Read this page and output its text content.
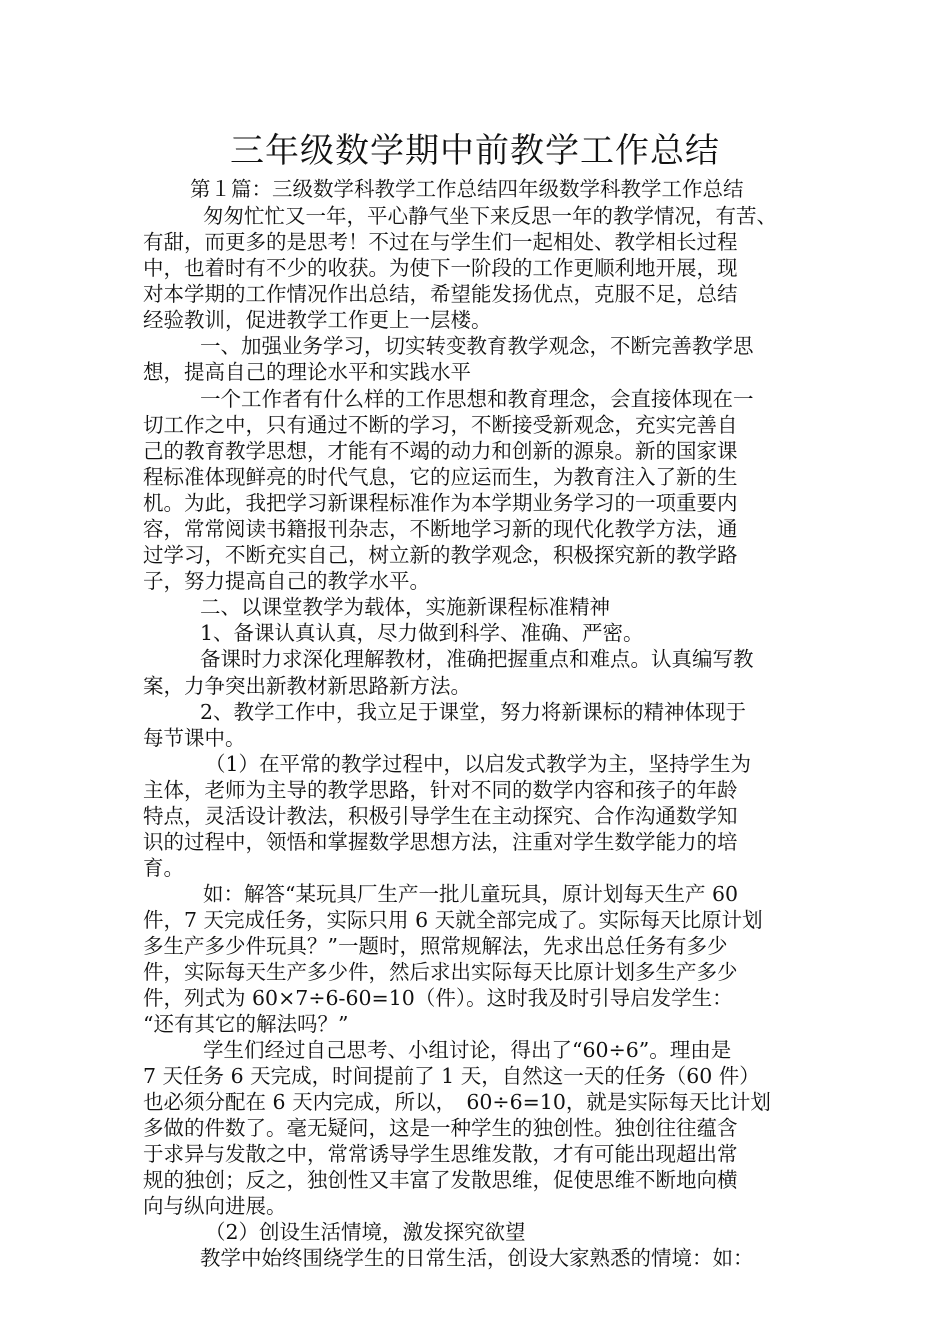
三年级数学期中前教学工作总结
第１篇：三级数学科教学工作总结四年级数学科教学工作总结
匆匆忙忙又一年，平心静气坐下来反思一年的教学情况，有苦、
有甜，而更多的是思考！不过在与学生们一起相处、教学相长过程
中，也着时有不少的收获。为使下一阶段的工作更顺利地开展，现
对本学期的工作情况作出总结，希望能发扬优点，克服不足，总结
经验教训，促进教学工作更上一层楼。
一、加强业务学习，切实转变教育教学观念，不断完善教学思
想，提高自己的理论水平和实践水平
一个工作者有什么样的工作思想和教育理念，会直接体现在一
切工作之中，只有通过不断的学习，不断接受新观念，充实完善自
己的教育教学思想，才能有不竭的动力和创新的源泉。新的国家课
程标准体现鲜亮的时代气息，它的应运而生，为教育注入了新的生
机。为此，我把学习新课程标准作为本学期业务学习的一项重要内
容，常常阅读书籍报刊杂志，不断地学习新的现代化教学方法，通
过学习，不断充实自己，树立新的教学观念，积极探究新的教学路
子，努力提高自己的教学水平。
二、以课堂教学为载体，实施新课程标准精神
1、备课认真认真，尽力做到科学、准确、严密。
备课时力求深化理解教材，准确把握重点和难点。认真编写教
案，力争突出新教材新思路新方法。
2、教学工作中，我立足于课堂，努力将新课标的精神体现于
每节课中。
（1）在平常的教学过程中，以启发式教学为主，坚持学生为
主体，老师为主导的教学思路，针对不同的数学内容和孩子的年龄
特点，灵活设计教法，积极引导学生在主动探究、合作沟通数学知
识的过程中，领悟和掌握数学思想方法，注重对学生数学能力的培
育。
如：解答“某玩具厂生产一批儿童玩具，原计划每天生产 60
件，7 天完成任务，实际只用 6 天就全部完成了。实际每天比原计划
多生产多少件玩具？”一题时，照常规解法，先求出总任务有多少
件，实际每天生产多少件，然后求出实际每天比原计划多生产多少
件，列式为 60×7÷6-60=10（件）。这时我及时引导启发学生：
“还有其它的解法吗？”
学生们经过自己思考、小组讨论，得出了“60÷6”。理由是
7 天任务 6 天完成，时间提前了 1 天，自然这一天的任务（60 件）
也必须分配在 6 天内完成，所以，　60÷6=10，就是实际每天比计划
多做的件数了。毫无疑问，这是一种学生的独创性。独创往往蕴含
于求异与发散之中，常常诱导学生思维发散，才有可能出现超出常
规的独创；反之，独创性又丰富了发散思维，促使思维不断地向横
向与纵向进展。
（2）创设生活情境，激发探究欲望
教学中始终围绕学生的日常生活，创设大家熟悉的情境：如：
